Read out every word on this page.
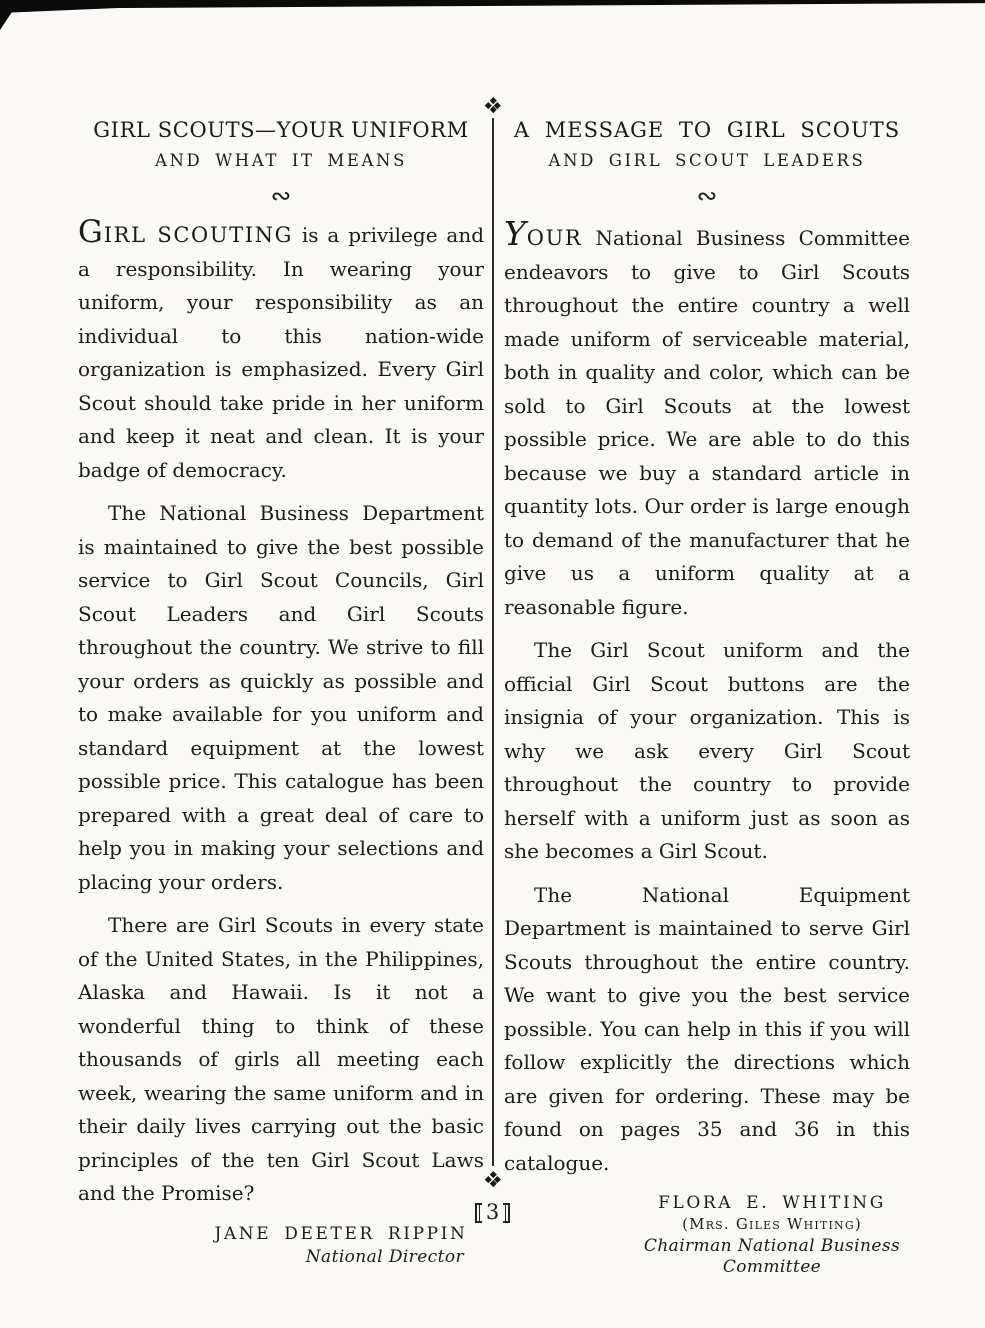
GIRL SCOUTS—YOUR UNIFORM
AND WHAT IT MEANS
∾

GIRL SCOUTING is a privilege and a responsibility. In wearing your uniform, your responsibility as an individual to this nation-wide organization is emphasized. Every Girl Scout should take pride in her uniform and keep it neat and clean. It is your badge of democracy.

The National Business Department is maintained to give the best possible service to Girl Scout Councils, Girl Scout Leaders and Girl Scouts throughout the country. We strive to fill your orders as quickly as possible and to make available for you uniform and standard equipment at the lowest possible price. This catalogue has been prepared with a great deal of care to help you in making your selections and placing your orders.

There are Girl Scouts in every state of the United States, in the Philippines, Alaska and Hawaii. Is it not a wonderful thing to think of these thousands of girls all meeting each week, wearing the same uniform and in their daily lives carrying out the basic principles of the ten Girl Scout Laws and the Promise?

JANE DEETER RIPPIN
National Director
A MESSAGE TO GIRL SCOUTS
AND GIRL SCOUT LEADERS
∾

YOUR National Business Committee endeavors to give to Girl Scouts throughout the entire country a well made uniform of serviceable material, both in quality and color, which can be sold to Girl Scouts at the lowest possible price. We are able to do this because we buy a standard article in quantity lots. Our order is large enough to demand of the manufacturer that he give us a uniform quality at a reasonable figure.

The Girl Scout uniform and the official Girl Scout buttons are the insignia of your organization. This is why we ask every Girl Scout throughout the country to provide herself with a uniform just as soon as she becomes a Girl Scout.

The National Equipment Department is maintained to serve Girl Scouts throughout the entire country. We want to give you the best service possible. You can help in this if you will follow explicitly the directions which are given for ordering. These may be found on pages 35 and 36 in this catalogue.

FLORA E. WHITING
(Mrs. Giles Whiting)
Chairman National Business Committee
3
